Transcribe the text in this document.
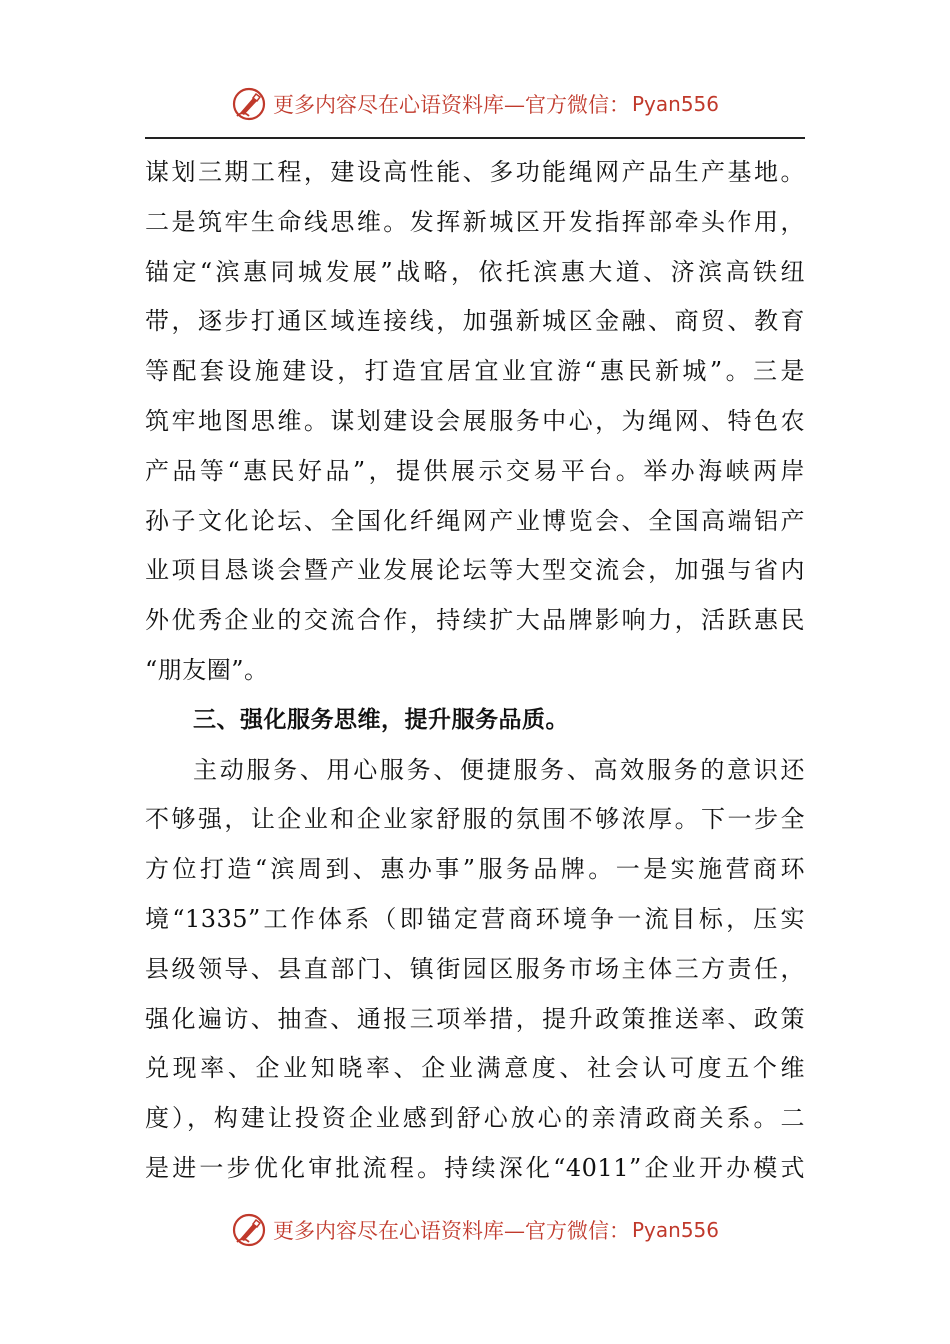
更多内容尽在心语资料库—官方微信： Pyan556
谋划三期工程，建设高性能、多功能绳网产品生产基地。
二是筑牢生命线思维。发挥新城区开发指挥部牵头作用，
锚定“滨惠同城发展”战略，依托滨惠大道、济滨高铁纽
带，逐步打通区域连接线，加强新城区金融、商贸、教育
等配套设施建设，打造宜居宜业宜游“惠民新城”。三是
筑牢地图思维。谋划建设会展服务中心，为绳网、特色农
产品等“惠民好品”，提供展示交易平台。举办海峡两岸
孙子文化论坛、全国化纤绳网产业博览会、全国高端铝产
业项目恳谈会暨产业发展论坛等大型交流会，加强与省内
外优秀企业的交流合作，持续扩大品牌影响力，活跃惠民
“朋友圈”。
三、强化服务思维，提升服务品质。
主动服务、用心服务、便捷服务、高效服务的意识还
不够强，让企业和企业家舒服的氛围不够浓厚。下一步全
方位打造“滨周到、惠办事”服务品牌。一是实施营商环
境“1335”工作体系（即锚定营商环境争一流目标，压实
县级领导、县直部门、镇街园区服务市场主体三方责任，
强化遍访、抽查、通报三项举措，提升政策推送率、政策
兑现率、企业知晓率、企业满意度、社会认可度五个维
度），构建让投资企业感到舒心放心的亲清政商关系。二
是进一步优化审批流程。持续深化“4011”企业开办模式
更多内容尽在心语资料库—官方微信： Pyan556
